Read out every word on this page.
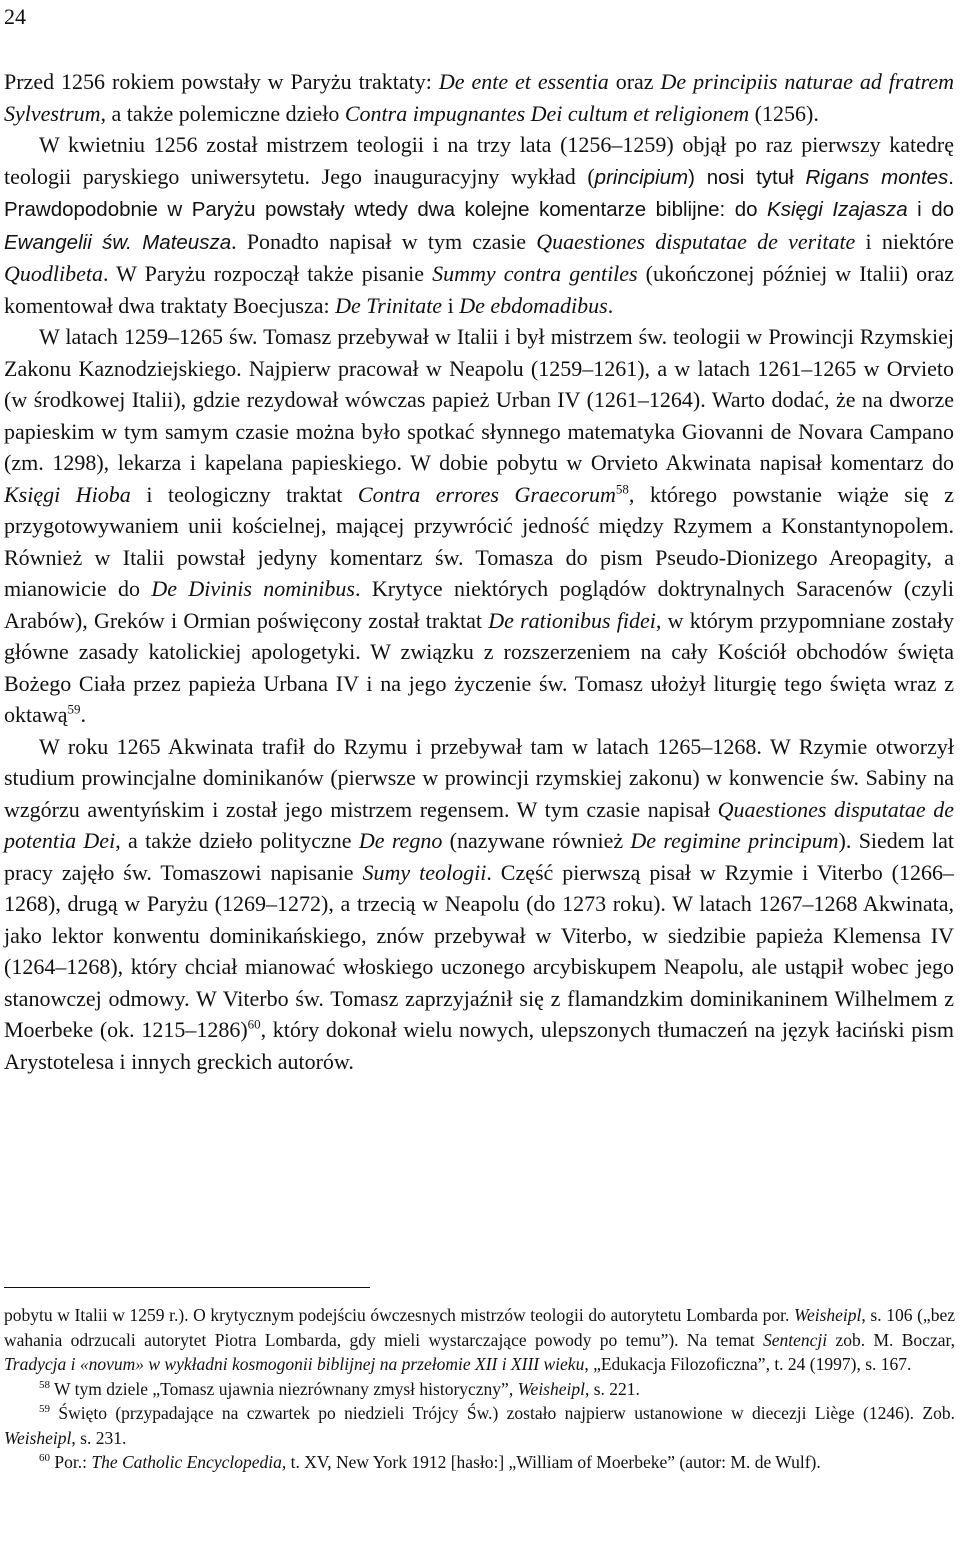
24

Przed 1256 rokiem powstały w Paryżu traktaty: De ente et essentia oraz De principiis naturae ad fratrem Sylvestrum, a także polemiczne dzieło Contra impugnantes Dei cultum et religionem (1256).

W kwietniu 1256 został mistrzem teologii i na trzy lata (1256–1259) objął po raz pierwszy katedrę teologii paryskiego uniwersytetu. Jego inauguracyjny wykład (principium) nosi tytuł Rigans montes. Prawdopodobnie w Paryżu powstały wtedy dwa kolejne komentarze biblijne: do Księgi Izajasza i do Ewangelii św. Mateusza. Ponadto napisał w tym czasie Quaestiones disputatae de veritate i niektóre Quodlibeta. W Paryżu rozpoczął także pisanie Summy contra gentiles (ukończonej później w Italii) oraz komentował dwa traktaty Boecjusza: De Trinitate i De ebdomadibus.

W latach 1259–1265 św. Tomasz przebywał w Italii i był mistrzem św. teologii w Prowincji Rzymskiej Zakonu Kaznodziejskiego. Najpierw pracował w Neapolu (1259–1261), a w latach 1261–1265 w Orvieto (w środkowej Italii), gdzie rezydował wówczas papież Urban IV (1261–1264). Warto dodać, że na dworze papieskim w tym samym czasie można było spotkać słynnego matematyka Giovanni de Novara Campano (zm. 1298), lekarza i kapelana papieskiego. W dobie pobytu w Orvieto Akwinata napisał komentarz do Księgi Hioba i teologiczny traktat Contra errores Graecorum$^{58}$, którego powstanie wiąże się z przygotowywaniem unii kościelnej, mającej przywrócić jedność między Rzymem a Konstantynopolem. Również w Italii powstał jedyny komentarz św. Tomasza do pism Pseudo-Dionizego Areopagity, a mianowicie do De Divinis nominibus. Krytyce niektórych poglądów doktrynalnych Saracenów (czyli Arabów), Greków i Ormian poświęcony został traktat De rationibus fidei, w którym przypomniane zostały główne zasady katolickiej apologetyki. W związku z rozszerzeniem na cały Kościół obchodów święta Bożego Ciała przez papieża Urbana IV i na jego życzenie św. Tomasz ułożył liturgię tego święta wraz z oktawą$^{59}$.

W roku 1265 Akwinata trafił do Rzymu i przebywał tam w latach 1265–1268. W Rzymie otworzył studium prowincjalne dominikanów (pierwsze w prowincji rzymskiej zakonu) w konwencie św. Sabiny na wzgórzu awentyńskim i został jego mistrzem regensem. W tym czasie napisał Quaestiones disputatae de potentia Dei, a także dzieło polityczne De regno (nazywane również De regimine principum). Siedem lat pracy zajęło św. Tomaszowi napisanie Sumy teologii. Część pierwszą pisał w Rzymie i Viterbo (1266–1268), drugą w Paryżu (1269–1272), a trzecią w Neapolu (do 1273 roku). W latach 1267–1268 Akwinata, jako lektor konwentu dominikańskiego, znów przebywał w Viterbo, w siedzibie papieża Klemensa IV (1264–1268), który chciał mianować włoskiego uczonego arcybiskupem Neapolu, ale ustąpił wobec jego stanowczej odmowy. W Viterbo św. Tomasz zaprzyjaźnił się z flamandzkim dominikaninem Wilhelmem z Moerbeke (ok. 1215–1286)$^{60}$, który dokonał wielu nowych, ulepszonych tłumaczeń na język łaciński pism Arystotelesa i innych greckich autorów.

pobytu w Italii w 1259 r.). O krytycznym podejściu ówczesnych mistrzów teologii do autorytetu Lombarda por. Weisheipl, s. 106 („bez wahania odrzucali autorytet Piotra Lombarda, gdy mieli wystarczające powody po temu”). Na temat Sentencji zob. M. Boczar, Tradycja i «novum» w wykładni kosmogonii biblijnej na przełomie XII i XIII wieku, „Edukacja Filozoficzna”, t. 24 (1997), s. 167.

$^{58}$ W tym dziele „Tomasz ujawnia niezrównany zmysł historyczny”, Weisheipl, s. 221.

$^{59}$ Święto (przypadające na czwartek po niedzieli Trójcy Św.) zostało najpierw ustanowione w diecezji Liège (1246). Zob. Weisheipl, s. 231.

$^{60}$ Por.: The Catholic Encyclopedia, t. XV, New York 1912 [hasło:] „William of Moerbeke” (autor: M. de Wulf).
